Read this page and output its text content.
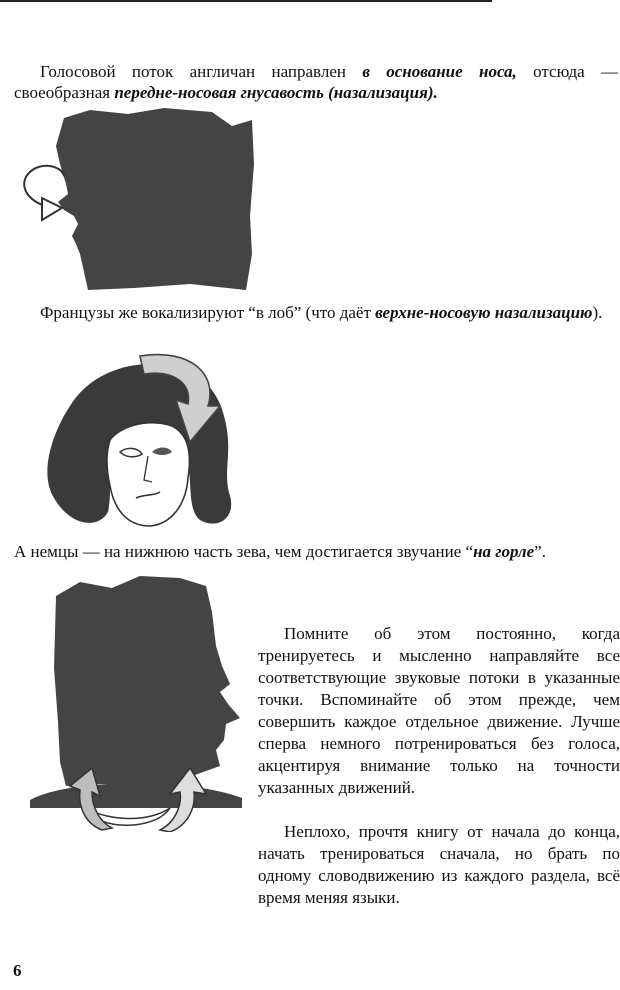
Голосовой поток англичан направлен в основание носа, отсюда — своеобразная передне-носовая гнусавость (назализация).

Французы же вокализируют “в лоб” (что даёт верхне-носовую назализацию).

А немцы — на нижнюю часть зева, чем достигается звучание “на горле”.

Помните об этом постоянно, когда тренируетесь и мысленно направляйте все соответствующие звуковые потоки в указанные точки. Вспоминайте об этом прежде, чем совершить каждое отдельное движение. Лучше сперва немного потренироваться без голоса, акцентируя внимание только на точности указанных движений.

Неплохо, прочтя книгу от начала до конца, начать тренироваться сначала, но брать по одному словодвижению из каждого раздела, всё время меняя языки.

6
